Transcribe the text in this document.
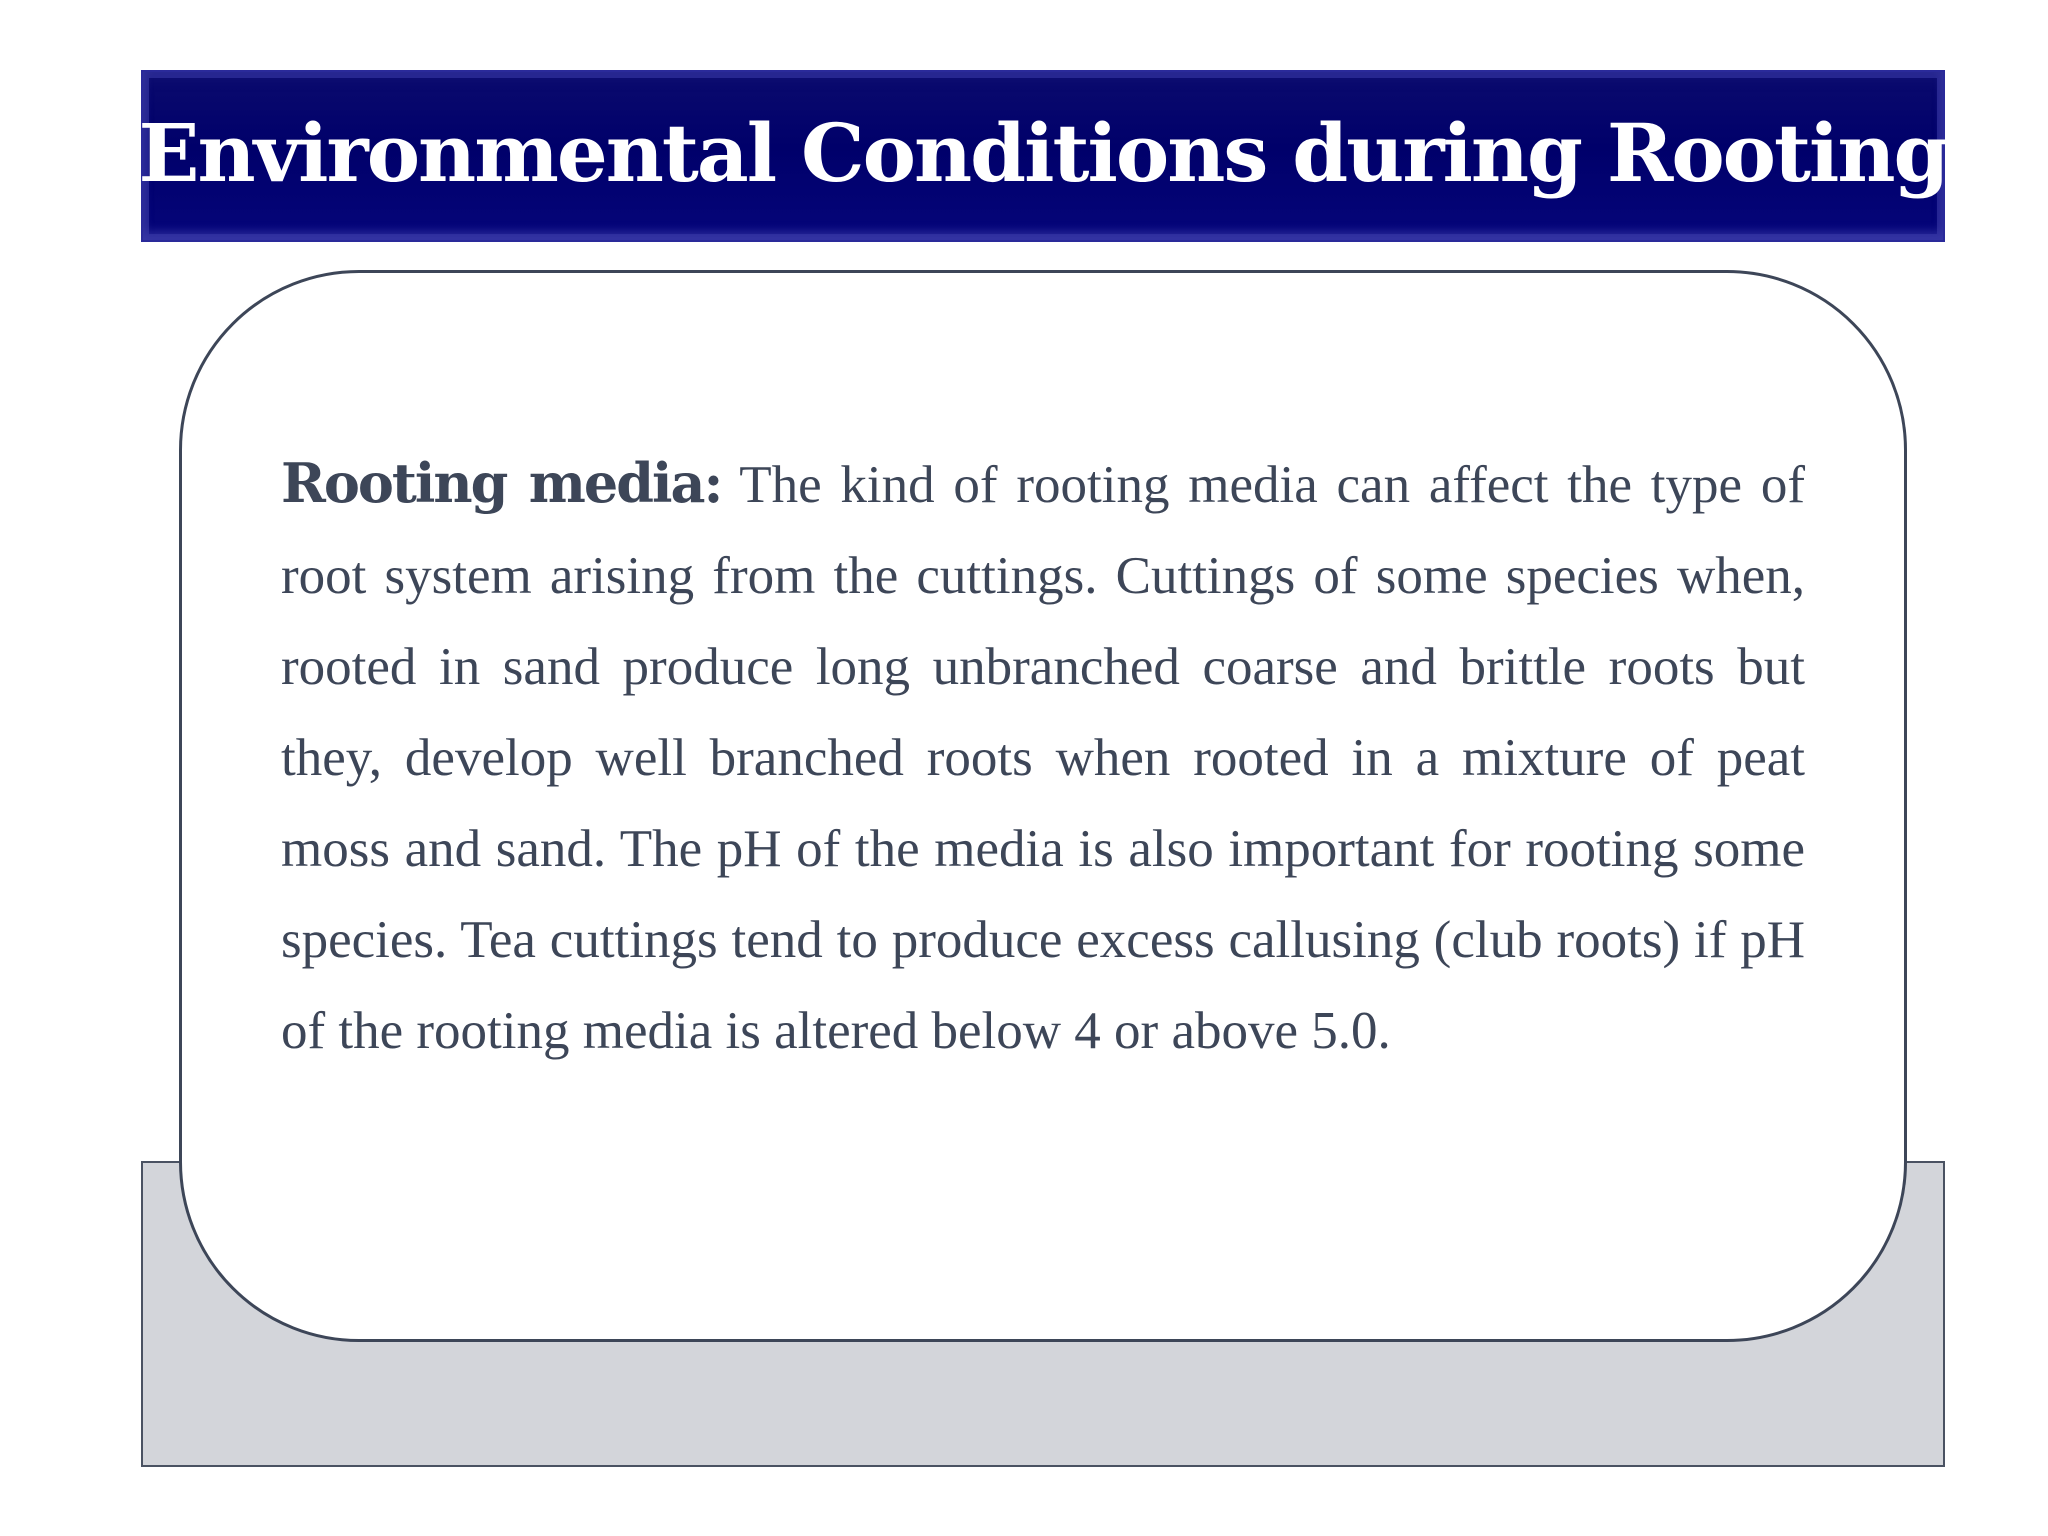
Environmental Conditions during Rooting

Rooting media: The kind of rooting media can affect the type of root system arising from the cuttings. Cuttings of some species when, rooted in sand produce long unbranched coarse and brittle roots but they, develop well branched roots when rooted in a mixture of peat moss and sand. The pH of the media is also important for rooting some species. Tea cuttings tend to produce excess callusing (club roots) if pH of the rooting media is altered below 4 or above 5.0.
